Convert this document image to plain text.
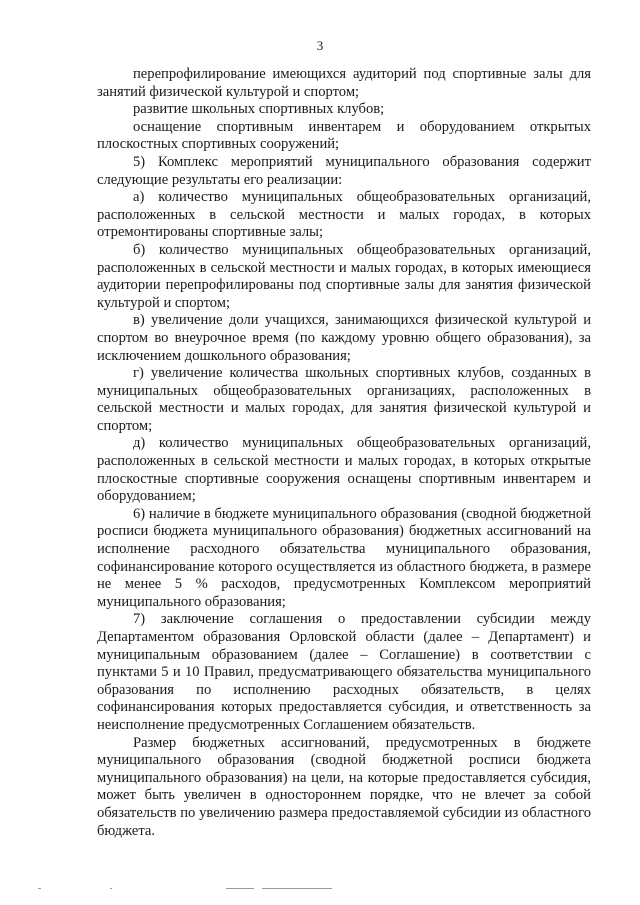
3

перепрофилирование имеющихся аудиторий под спортивные залы для занятий физической культурой и спортом;

развитие школьных спортивных клубов;

оснащение спортивным инвентарем и оборудованием открытых плоскостных спортивных сооружений;

5) Комплекс мероприятий муниципального образования содержит следующие результаты его реализации:

а) количество муниципальных общеобразовательных организаций, расположенных в сельской местности и малых городах, в которых отремонтированы спортивные залы;

б) количество муниципальных общеобразовательных организаций, расположенных в сельской местности и малых городах, в которых имеющиеся аудитории перепрофилированы под спортивные залы для занятия физической культурой и спортом;

в) увеличение доли учащихся, занимающихся физической культурой и спортом во внеурочное время (по каждому уровню общего образования), за исключением дошкольного образования;

г) увеличение количества школьных спортивных клубов, созданных в муниципальных общеобразовательных организациях, расположенных в сельской местности и малых городах, для занятия физической культурой и спортом;

д) количество муниципальных общеобразовательных организаций, расположенных в сельской местности и малых городах, в которых открытые плоскостные спортивные сооружения оснащены спортивным инвентарем и оборудованием;

6) наличие в бюджете муниципального образования (сводной бюджетной росписи бюджета муниципального образования) бюджетных ассигнований на исполнение расходного обязательства муниципального образования, софинансирование которого осуществляется из областного бюджета, в размере не менее 5 % расходов, предусмотренных Комплексом мероприятий муниципального образования;

7) заключение соглашения о предоставлении субсидии между Департаментом образования Орловской области (далее – Департамент) и муниципальным образованием (далее – Соглашение) в соответствии с пунктами 5 и 10 Правил, предусматривающего обязательства муниципального образования по исполнению расходных обязательств, в целях софинансирования которых предоставляется субсидия, и ответственность за неисполнение предусмотренных Соглашением обязательств.

Размер бюджетных ассигнований, предусмотренных в бюджете муниципального образования (сводной бюджетной росписи бюджета муниципального образования) на цели, на которые предоставляется субсидия, может быть увеличен в одностороннем порядке, что не влечет за собой обязательств по увеличению размера предоставляемой субсидии из областного бюджета.
